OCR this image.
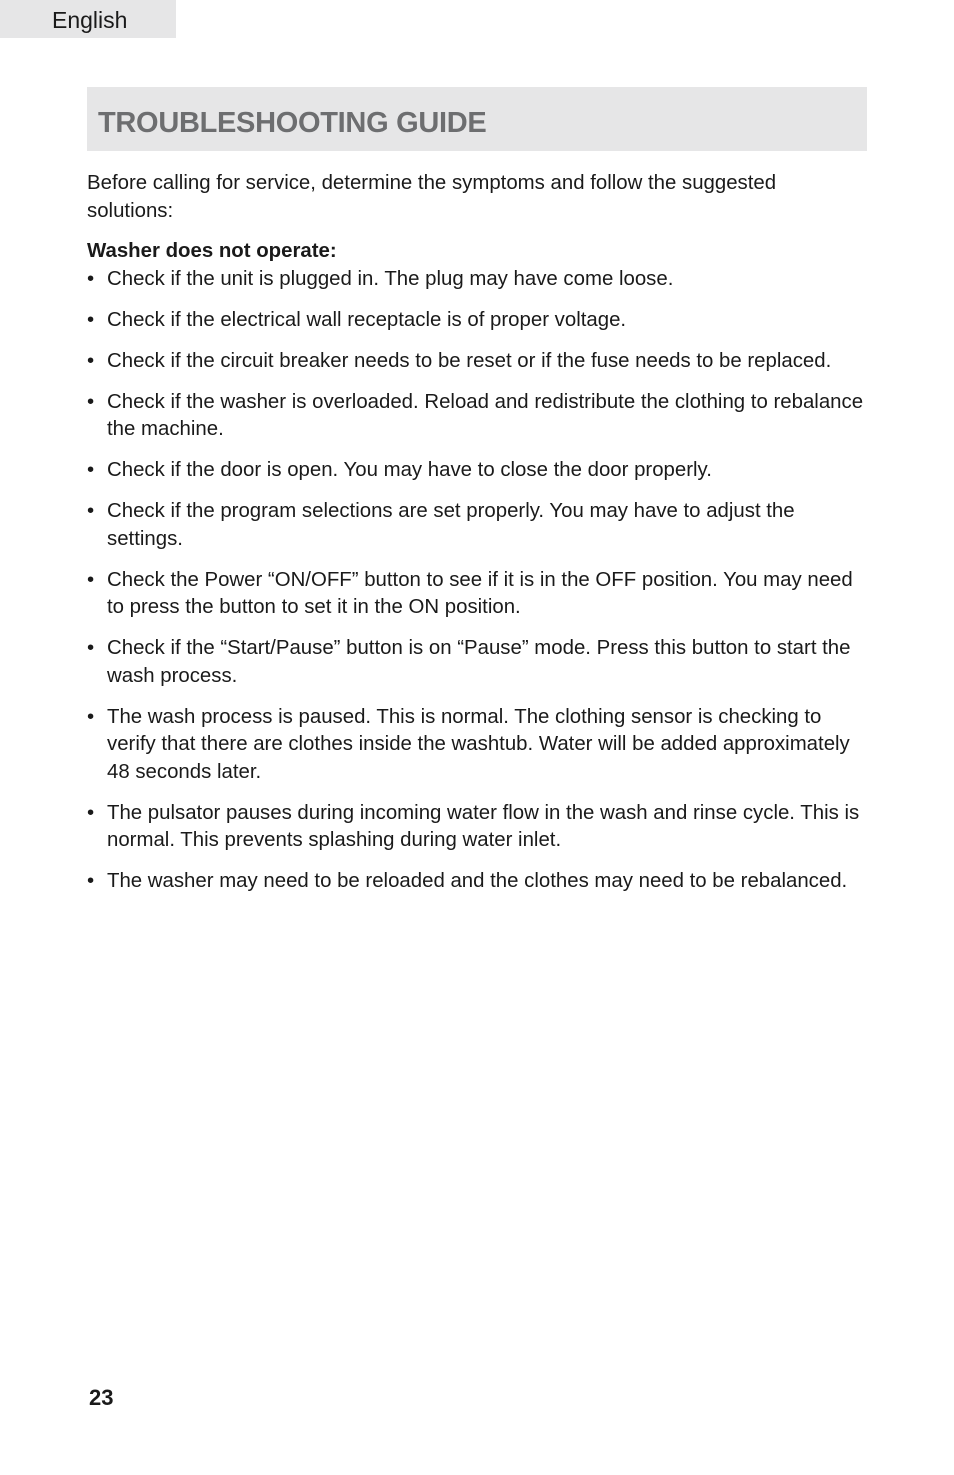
English
TROUBLESHOOTING GUIDE

Before calling for service, determine the symptoms and follow the suggested solutions:

Washer does not operate:
• Check if the unit is plugged in. The plug may have come loose.
• Check if the electrical wall receptacle is of proper voltage.
• Check if the circuit breaker needs to be reset or if the fuse needs to be replaced.
• Check if the washer is overloaded. Reload and redistribute the clothing to rebalance the machine.
• Check if the door is open. You may have to close the door properly.
• Check if the program selections are set properly. You may have to adjust the settings.
• Check the Power “ON/OFF” button to see if it is in the OFF position. You may need to press the button to set it in the ON position.
• Check if the “Start/Pause” button is on “Pause” mode. Press this button to start the wash process.
• The wash process is paused. This is normal. The clothing sensor is checking to verify that there are clothes inside the washtub. Water will be added approximately 48 seconds later.
• The pulsator pauses during incoming water flow in the wash and rinse cycle. This is normal. This prevents splashing during water inlet.
• The washer may need to be reloaded and the clothes may need to be rebalanced.
23
